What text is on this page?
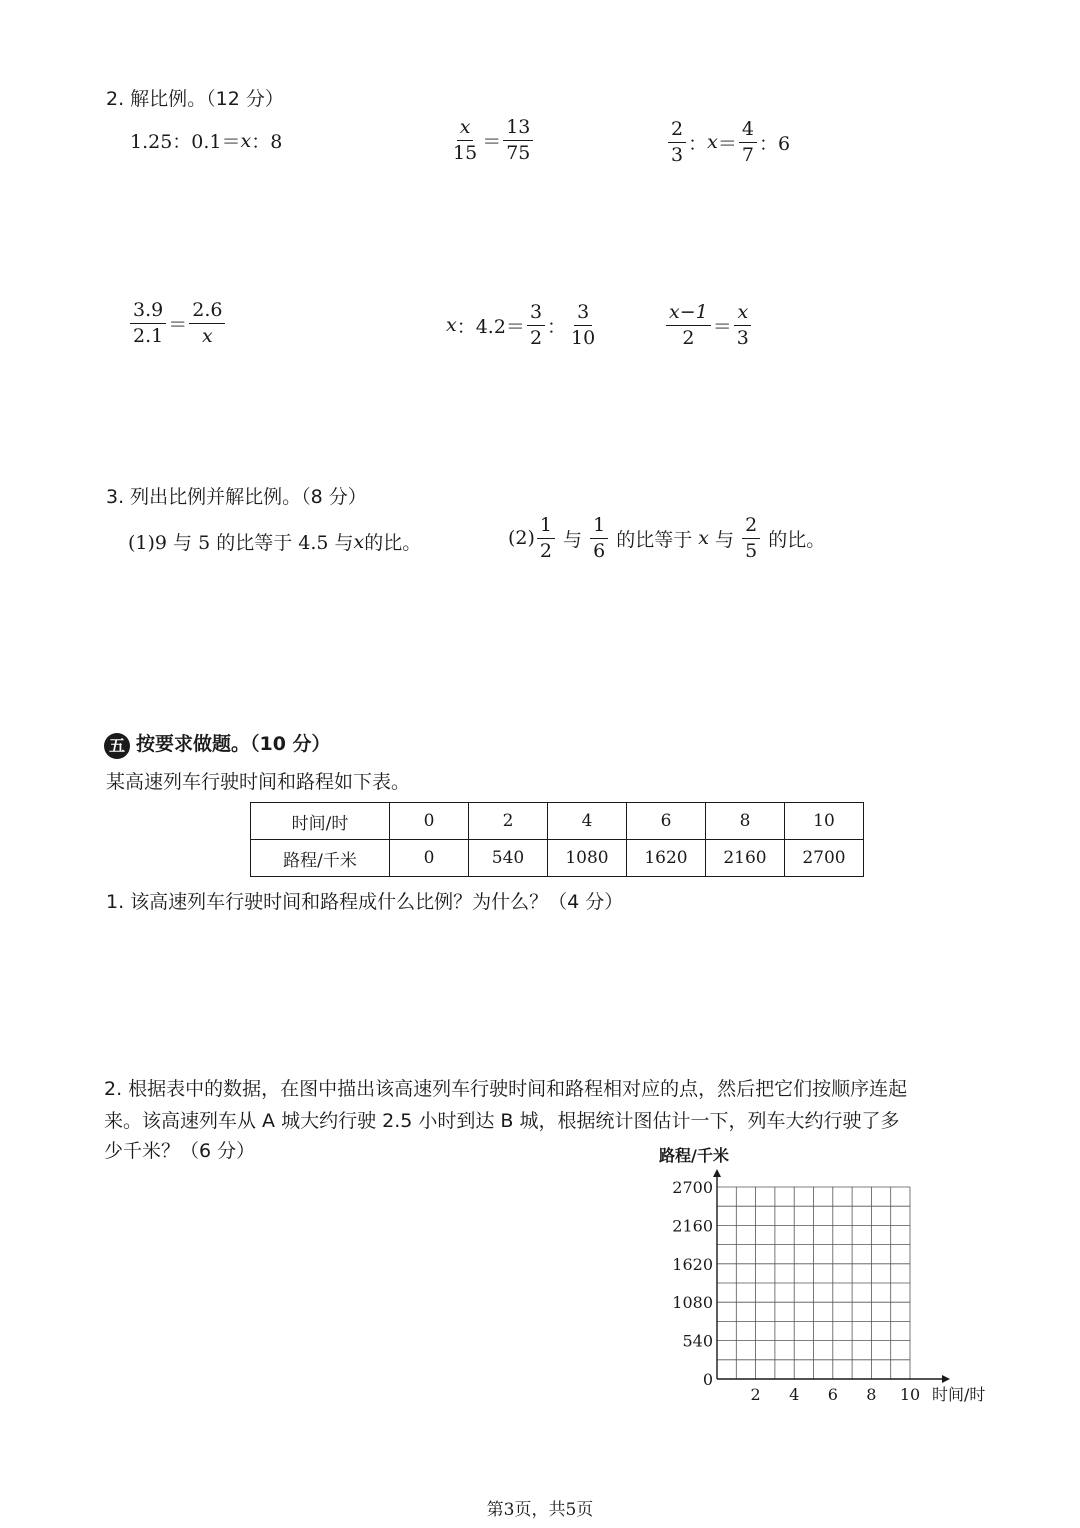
2. 解比例。（12 分）
1.25：0.1＝ x ：8	$\frac{x}{15} = \frac{13}{75}$	$\frac{2}{3}$ ： $x = \frac{4}{7}$ ：6
$\frac{3.9}{2.1} = \frac{2.6}{x}$	x ：$4.2= \frac{3}{2}$ ： $\frac{3}{10}$	$\frac{x-1}{2} = \frac{x}{3}$
3. 列出比例并解比例。（8 分）
(1)9 与 5 的比等于 4.5 与 x 的比。	$(2) \frac{1}{2}$ 与 $\frac{1}{6}$ 的比等于 x 与 $\frac{2}{5}$ 的比。
五 按要求做题。（10 分）
某高速列车行驶时间和路程如下表。
时间/时	0	2	4	6	8	10
路程/千米	0	540	1080	1620	2160	2700
1. 该高速列车行驶时间和路程成什么比例？为什么？（4 分）
2. 根据表中的数据，在图中描出该高速列车行驶时间和路程相对应的点，然后把它们按顺序连起
来。该高速列车从 A 城大约行驶 2.5 小时到达 B 城，根据统计图估计一下，列车大约行驶了多
少千米？（6 分）
0
540
1080
1620
2160
2700
2 4 6 8 10
路程/千米
时间/时
第3页，共5页
